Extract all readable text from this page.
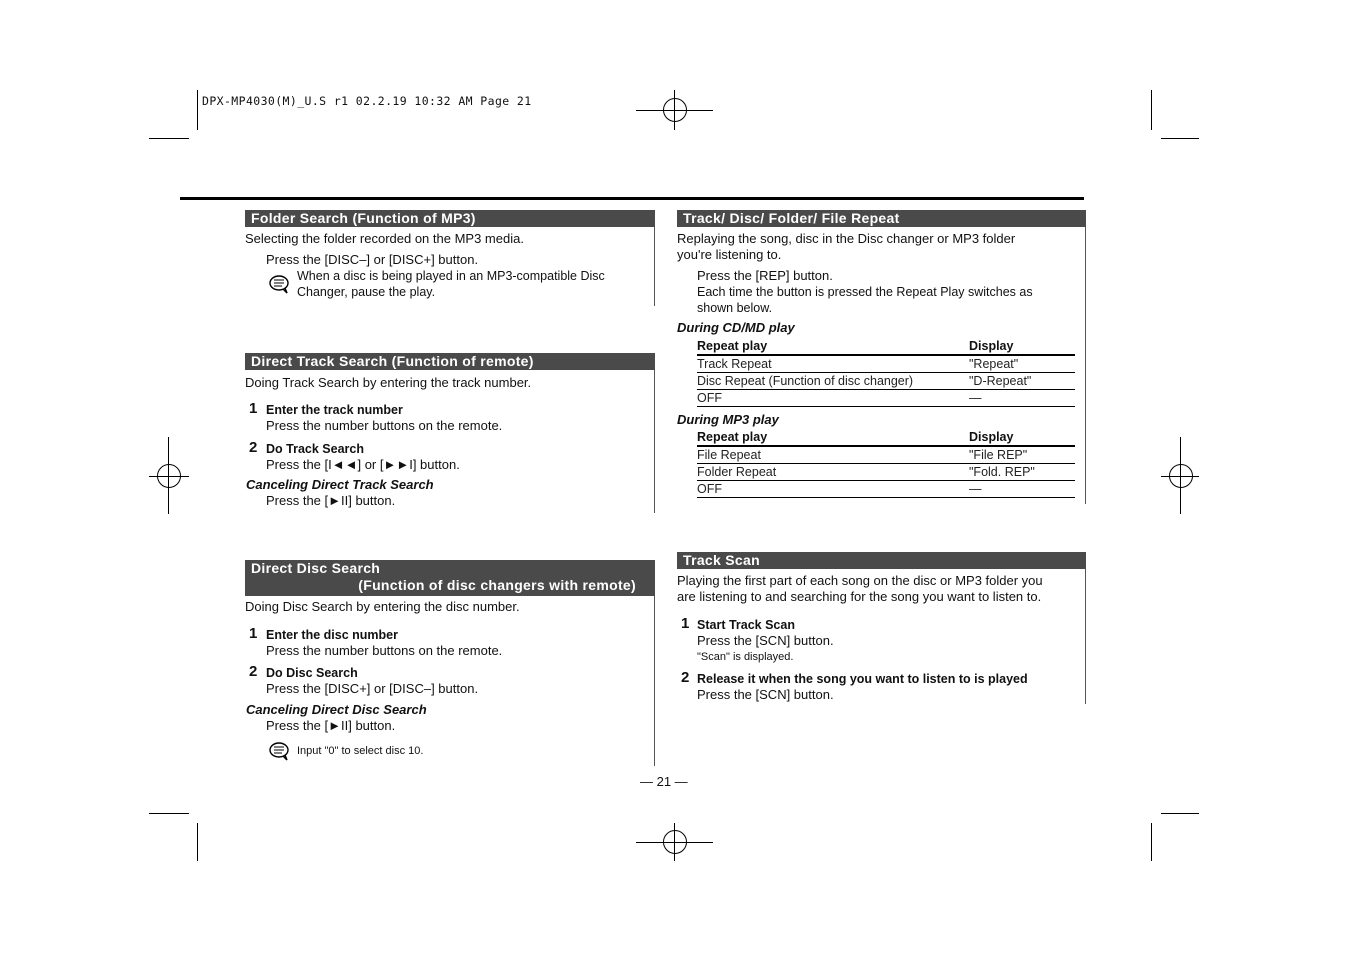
DPX-MP4030(M)_U.S r1 02.2.19 10:32 AM Page 21
Folder Search (Function of MP3)
Selecting the folder recorded on the MP3 media.
Press the [DISC–] or [DISC+] button.
When a disc is being played in an MP3-compatible Disc Changer, pause the play.
Direct Track Search (Function of remote)
Doing Track Search by entering the track number.
1 Enter the track number
Press the number buttons on the remote.
2 Do Track Search
Press the [I◄◄] or [►►I] button.
Canceling Direct Track Search
Press the [►II] button.
Direct Disc Search
(Function of disc changers with remote)
Doing Disc Search by entering the disc number.
1 Enter the disc number
Press the number buttons on the remote.
2 Do Disc Search
Press the [DISC+] or [DISC–] button.
Canceling Direct Disc Search
Press the [►II] button.
Input "0" to select disc 10.
Track/ Disc/ Folder/ File Repeat
Replaying the song, disc in the Disc changer or MP3 folder
you're listening to.
Press the [REP] button.
Each time the button is pressed the Repeat Play switches as
shown below.
During CD/MD play
Repeat play	Display
Track Repeat	"Repeat"
Disc Repeat (Function of disc changer)	"D-Repeat"
OFF	—
During MP3 play
Repeat play	Display
File Repeat	"File REP"
Folder Repeat	"Fold. REP"
OFF	—
Track Scan
Playing the first part of each song on the disc or MP3 folder you
are listening to and searching for the song you want to listen to.
1 Start Track Scan
Press the [SCN] button.
"Scan" is displayed.
2 Release it when the song you want to listen to is played
Press the [SCN] button.
— 21 —
